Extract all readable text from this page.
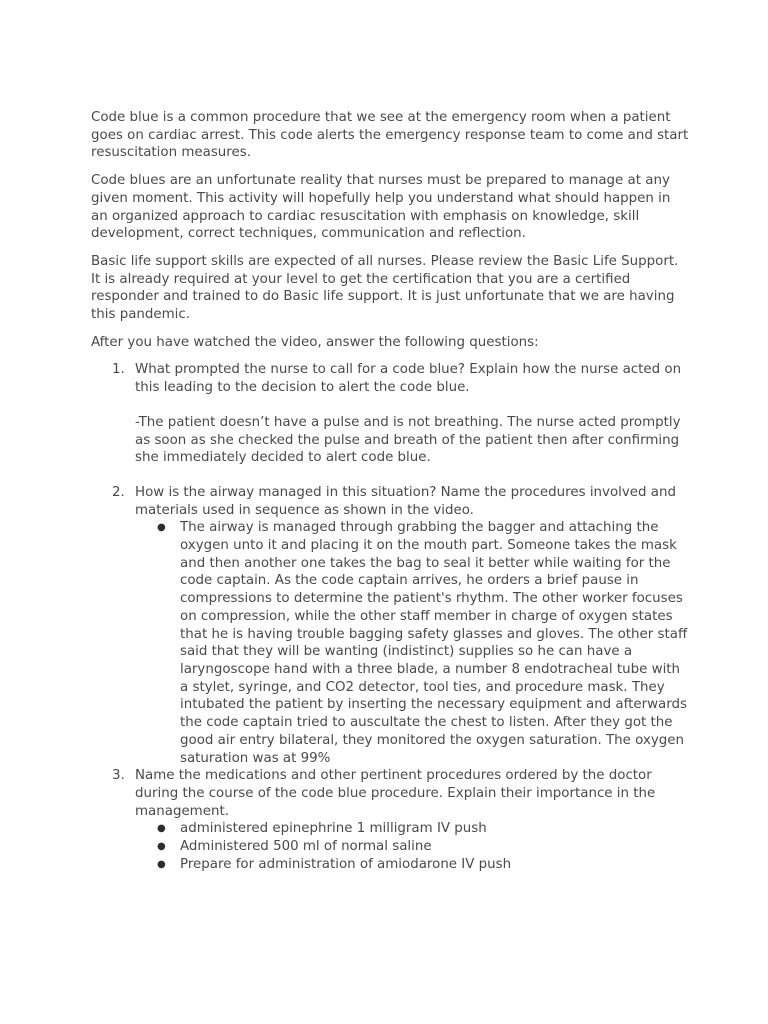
Code blue is a common procedure that we see at the emergency room when a patient goes on cardiac arrest. This code alerts the emergency response team to come and start resuscitation measures.

Code blues are an unfortunate reality that nurses must be prepared to manage at any given moment. This activity will hopefully help you understand what should happen in an organized approach to cardiac resuscitation with emphasis on knowledge, skill development, correct techniques, communication and reflection.

Basic life support skills are expected of all nurses. Please review the Basic Life Support. It is already required at your level to get the certification that you are a certified responder and trained to do Basic life support. It is just unfortunate that we are having this pandemic.

After you have watched the video, answer the following questions:

1. What prompted the nurse to call for a code blue? Explain how the nurse acted on this leading to the decision to alert the code blue.

-The patient doesn’t have a pulse and is not breathing. The nurse acted promptly as soon as she checked the pulse and breath of the patient then after confirming she immediately decided to alert code blue.

2. How is the airway managed in this situation? Name the procedures involved and materials used in sequence as shown in the video.

● The airway is managed through grabbing the bagger and attaching the oxygen unto it and placing it on the mouth part. Someone takes the mask and then another one takes the bag to seal it better while waiting for the code captain. As the code captain arrives, he orders a brief pause in compressions to determine the patient's rhythm. The other worker focuses on compression, while the other staff member in charge of oxygen states that he is having trouble bagging safety glasses and gloves. The other staff said that they will be wanting (indistinct) supplies so he can have a laryngoscope hand with a three blade, a number 8 endotracheal tube with a stylet, syringe, and CO2 detector, tool ties, and procedure mask. They intubated the patient by inserting the necessary equipment and afterwards the code captain tried to auscultate the chest to listen. After they got the good air entry bilateral, they monitored the oxygen saturation. The oxygen saturation was at 99%
3. Name the medications and other pertinent procedures ordered by the doctor during the course of the code blue procedure. Explain their importance in the management.

● administered epinephrine 1 milligram IV push
● Administered 500 ml of normal saline
● Prepare for administration of amiodarone IV push
